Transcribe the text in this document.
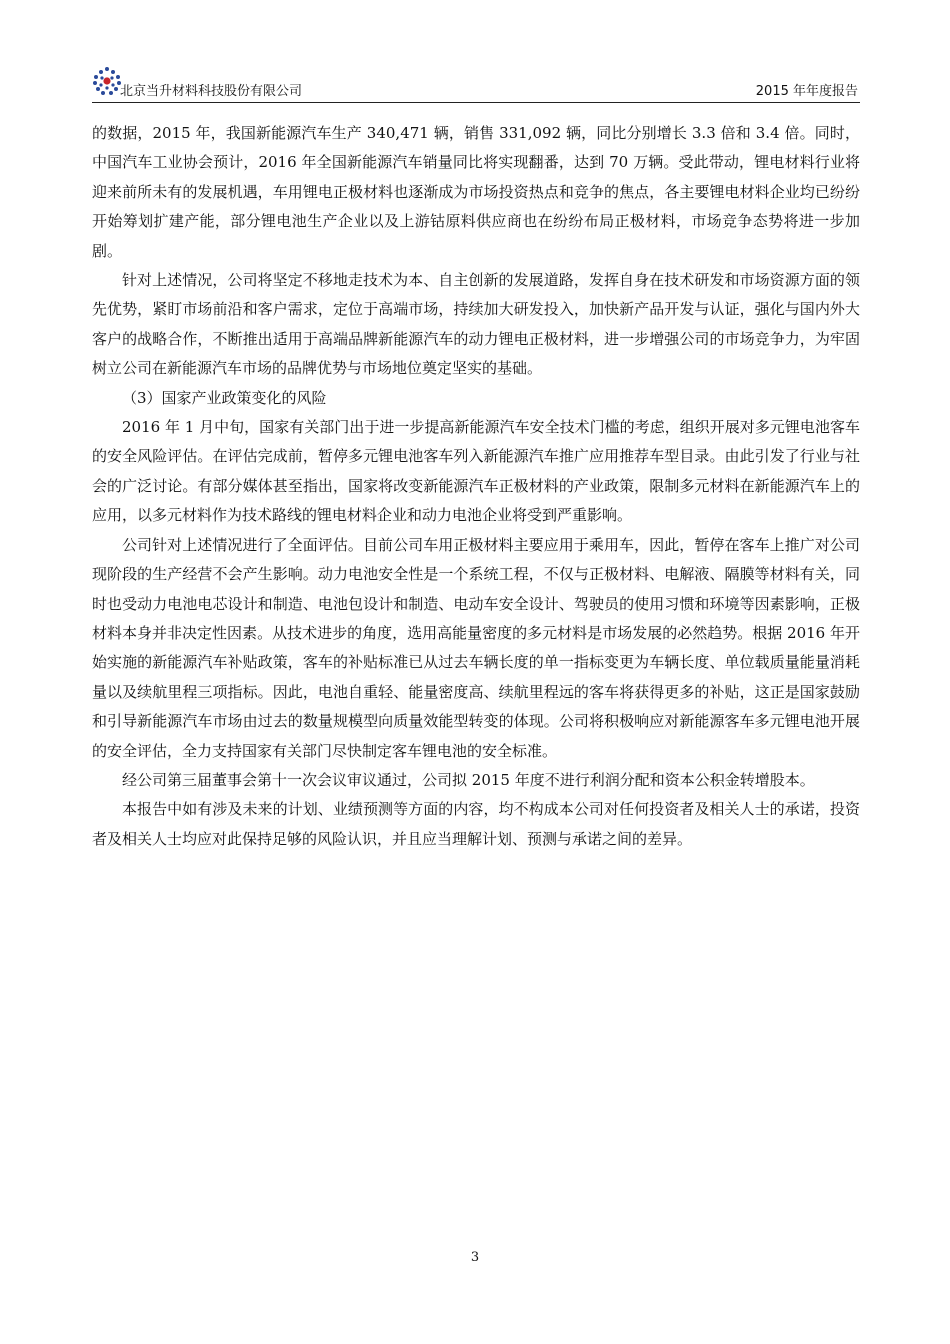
北京当升材料科技股份有限公司	2015 年年度报告

的数据，2015 年，我国新能源汽车生产 340,471 辆，销售 331,092 辆，同比分别增长 3.3 倍和 3.4 倍。同时，中国汽车工业协会预计，2016 年全国新能源汽车销量同比将实现翻番，达到 70 万辆。受此带动，锂电材料行业将迎来前所未有的发展机遇，车用锂电正极材料也逐渐成为市场投资热点和竞争的焦点，各主要锂电材料企业均已纷纷开始筹划扩建产能，部分锂电池生产企业以及上游钴原料供应商也在纷纷布局正极材料，市场竞争态势将进一步加剧。

针对上述情况，公司将坚定不移地走技术为本、自主创新的发展道路，发挥自身在技术研发和市场资源方面的领先优势，紧盯市场前沿和客户需求，定位于高端市场，持续加大研发投入，加快新产品开发与认证，强化与国内外大客户的战略合作，不断推出适用于高端品牌新能源汽车的动力锂电正极材料，进一步增强公司的市场竞争力，为牢固树立公司在新能源汽车市场的品牌优势与市场地位奠定坚实的基础。

（3）国家产业政策变化的风险

2016 年 1 月中旬，国家有关部门出于进一步提高新能源汽车安全技术门槛的考虑，组织开展对多元锂电池客车的安全风险评估。在评估完成前，暂停多元锂电池客车列入新能源汽车推广应用推荐车型目录。由此引发了行业与社会的广泛讨论。有部分媒体甚至指出，国家将改变新能源汽车正极材料的产业政策，限制多元材料在新能源汽车上的应用，以多元材料作为技术路线的锂电材料企业和动力电池企业将受到严重影响。

公司针对上述情况进行了全面评估。目前公司车用正极材料主要应用于乘用车，因此，暂停在客车上推广对公司现阶段的生产经营不会产生影响。动力电池安全性是一个系统工程，不仅与正极材料、电解液、隔膜等材料有关，同时也受动力电池电芯设计和制造、电池包设计和制造、电动车安全设计、驾驶员的使用习惯和环境等因素影响，正极材料本身并非决定性因素。从技术进步的角度，选用高能量密度的多元材料是市场发展的必然趋势。根据 2016 年开始实施的新能源汽车补贴政策，客车的补贴标准已从过去车辆长度的单一指标变更为车辆长度、单位载质量能量消耗量以及续航里程三项指标。因此，电池自重轻、能量密度高、续航里程远的客车将获得更多的补贴，这正是国家鼓励和引导新能源汽车市场由过去的数量规模型向质量效能型转变的体现。公司将积极响应对新能源客车多元锂电池开展的安全评估，全力支持国家有关部门尽快制定客车锂电池的安全标准。

经公司第三届董事会第十一次会议审议通过，公司拟 2015 年度不进行利润分配和资本公积金转增股本。

本报告中如有涉及未来的计划、业绩预测等方面的内容，均不构成本公司对任何投资者及相关人士的承诺，投资者及相关人士均应对此保持足够的风险认识，并且应当理解计划、预测与承诺之间的差异。

3
